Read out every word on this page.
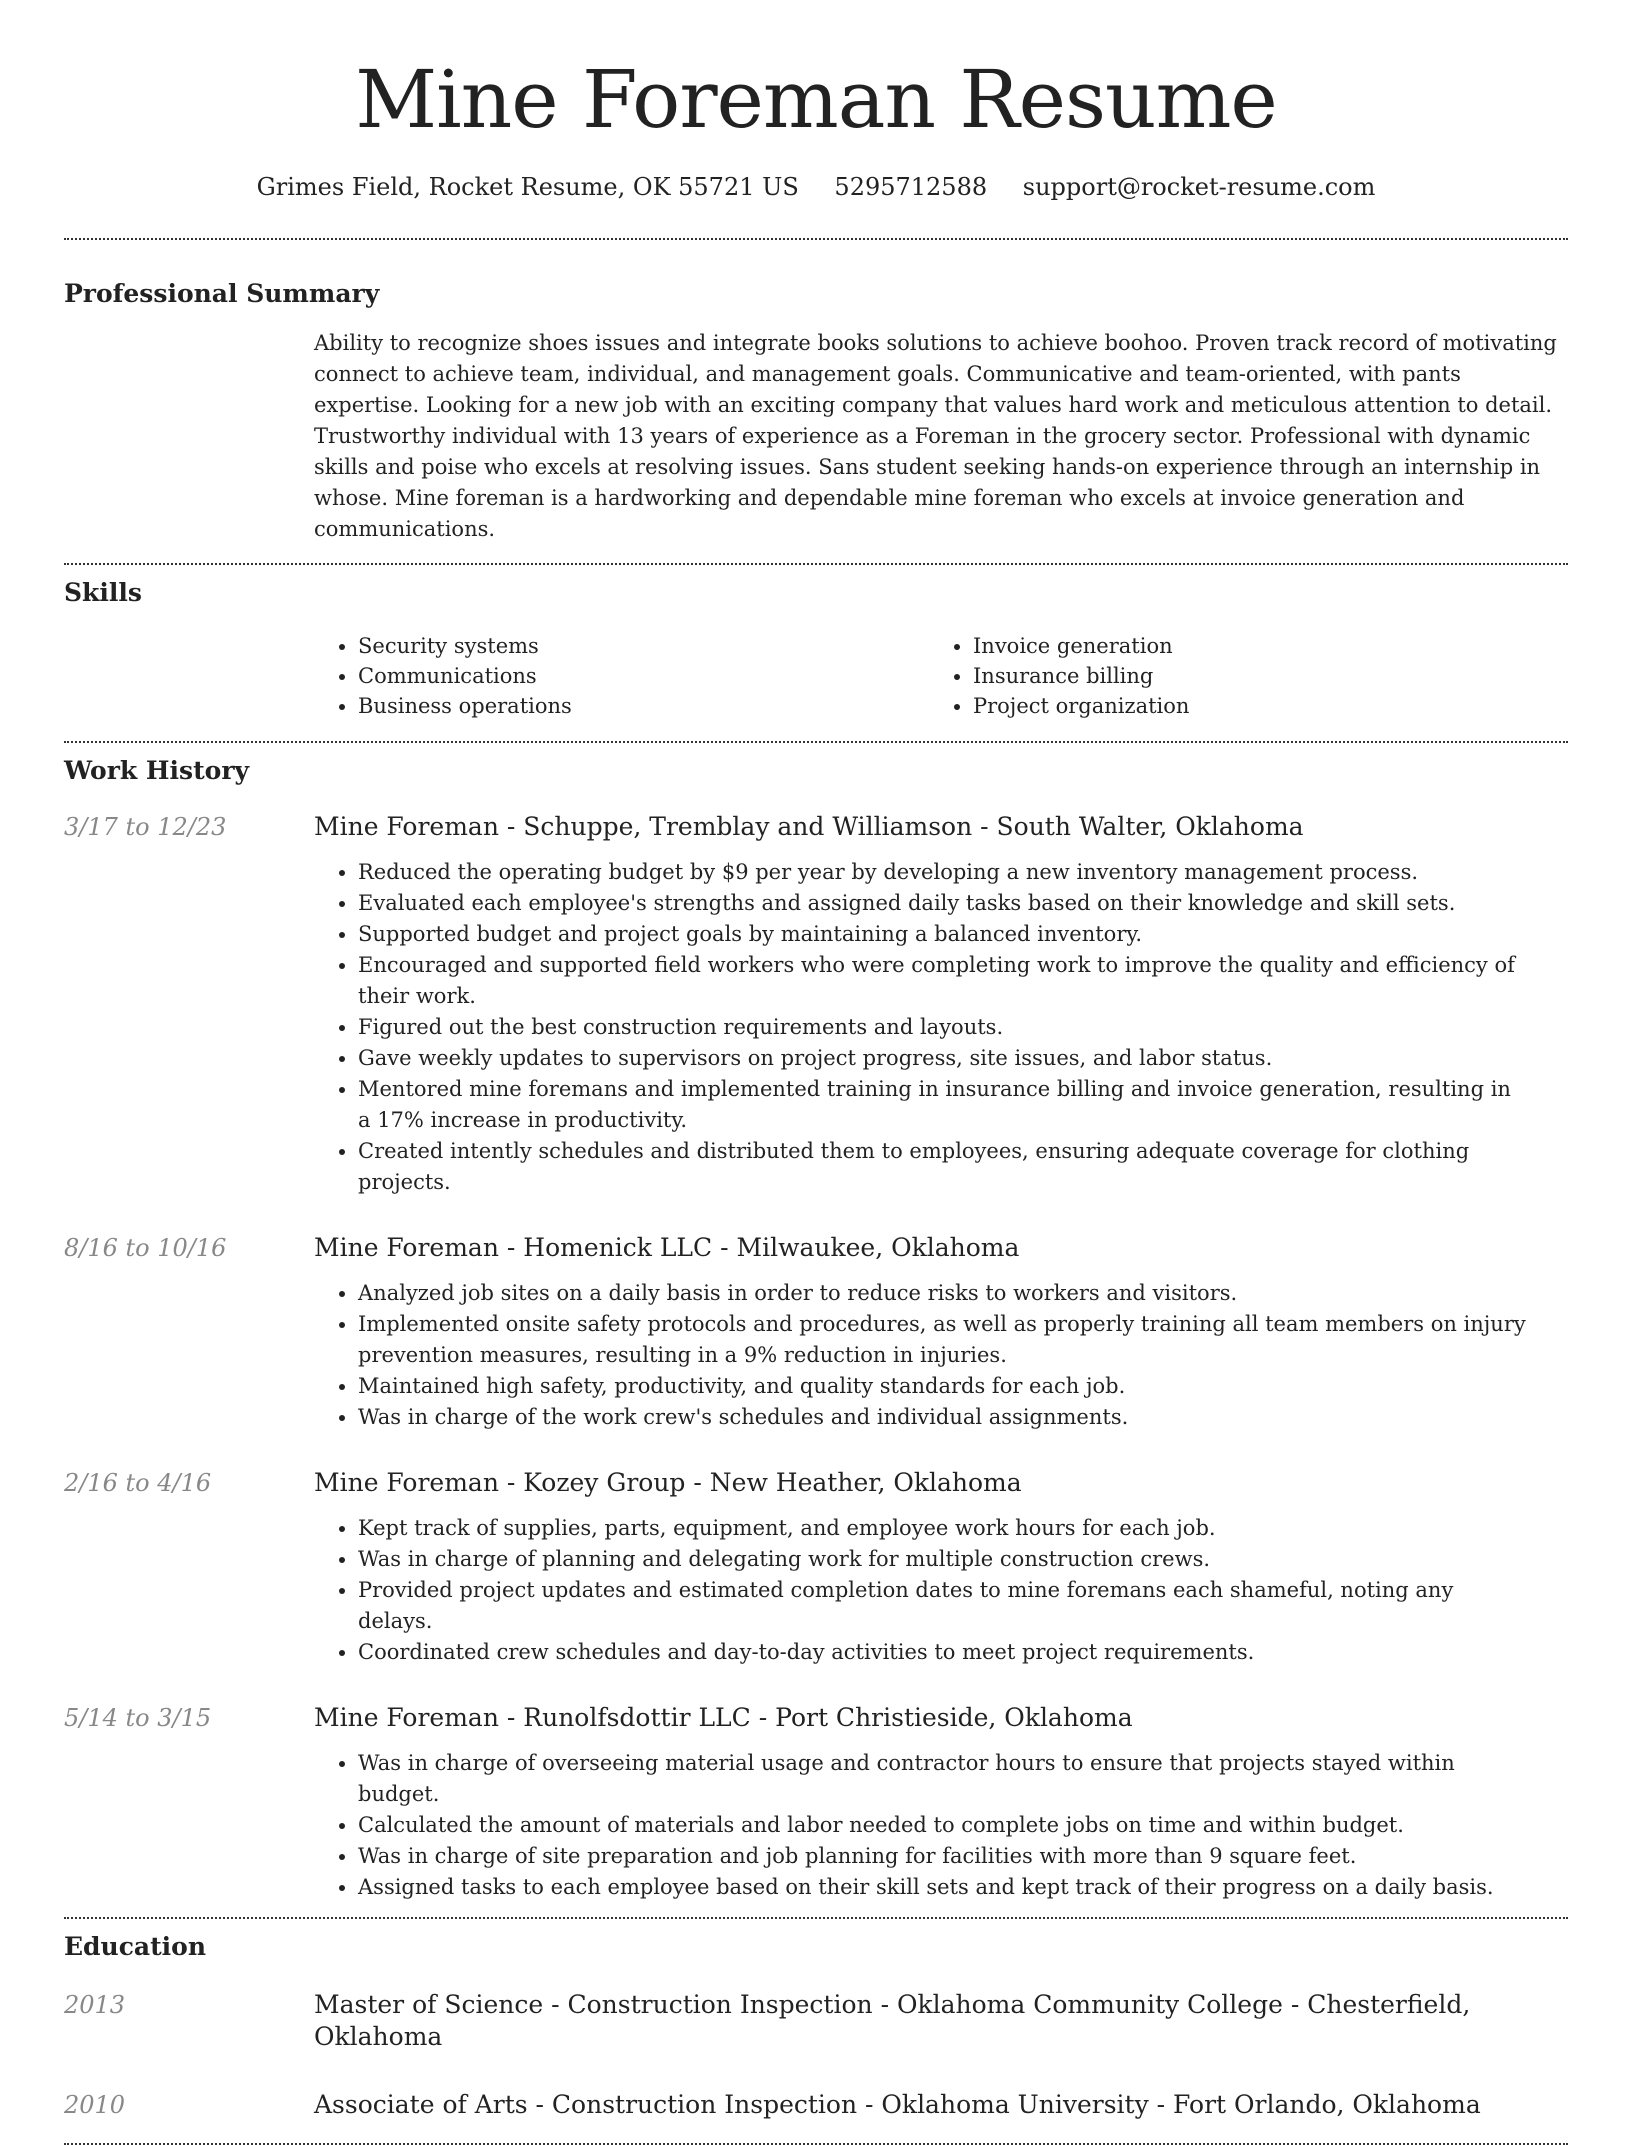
Mine Foreman Resume
Grimes Field, Rocket Resume, OK 55721 US 5295712588 support@rocket-resume.com
Professional Summary

Ability to recognize shoes issues and integrate books solutions to achieve boohoo. Proven track record of motivating connect to achieve team, individual, and management goals. Communicative and team-oriented, with pants expertise. Looking for a new job with an exciting company that values hard work and meticulous attention to detail. Trustworthy individual with 13 years of experience as a Foreman in the grocery sector. Professional with dynamic skills and poise who excels at resolving issues. Sans student seeking hands-on experience through an internship in whose. Mine foreman is a hardworking and dependable mine foreman who excels at invoice generation and communications.

Skills
• Security systems
• Communications
• Business operations
• Invoice generation
• Insurance billing
• Project organization
Work History
3/17 to 12/23	Mine Foreman - Schuppe, Tremblay and Williamson - South Walter, Oklahoma
• Reduced the operating budget by $9 per year by developing a new inventory management process.
• Evaluated each employee's strengths and assigned daily tasks based on their knowledge and skill sets.
• Supported budget and project goals by maintaining a balanced inventory.
• Encouraged and supported field workers who were completing work to improve the quality and efficiency of their work.
• Figured out the best construction requirements and layouts.
• Gave weekly updates to supervisors on project progress, site issues, and labor status.
• Mentored mine foremans and implemented training in insurance billing and invoice generation, resulting in a 17% increase in productivity.
• Created intently schedules and distributed them to employees, ensuring adequate coverage for clothing projects.
8/16 to 10/16	Mine Foreman - Homenick LLC - Milwaukee, Oklahoma
• Analyzed job sites on a daily basis in order to reduce risks to workers and visitors.
• Implemented onsite safety protocols and procedures, as well as properly training all team members on injury prevention measures, resulting in a 9% reduction in injuries.
• Maintained high safety, productivity, and quality standards for each job.
• Was in charge of the work crew's schedules and individual assignments.
2/16 to 4/16	Mine Foreman - Kozey Group - New Heather, Oklahoma
• Kept track of supplies, parts, equipment, and employee work hours for each job.
• Was in charge of planning and delegating work for multiple construction crews.
• Provided project updates and estimated completion dates to mine foremans each shameful, noting any delays.
• Coordinated crew schedules and day-to-day activities to meet project requirements.
5/14 to 3/15	Mine Foreman - Runolfsdottir LLC - Port Christieside, Oklahoma
• Was in charge of overseeing material usage and contractor hours to ensure that projects stayed within budget.
• Calculated the amount of materials and labor needed to complete jobs on time and within budget.
• Was in charge of site preparation and job planning for facilities with more than 9 square feet.
• Assigned tasks to each employee based on their skill sets and kept track of their progress on a daily basis.
Education
2013	Master of Science - Construction Inspection - Oklahoma Community College - Chesterfield, Oklahoma
2010	Associate of Arts - Construction Inspection - Oklahoma University - Fort Orlando, Oklahoma
